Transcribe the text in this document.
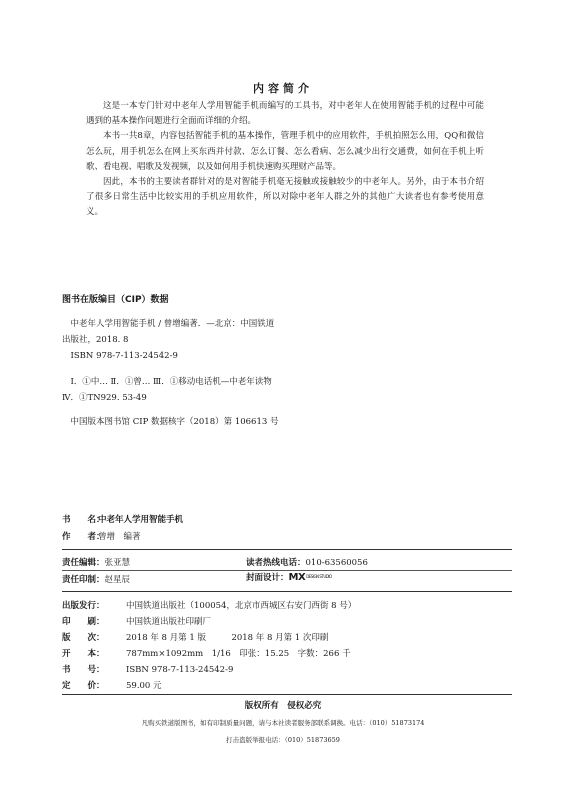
内容简介

这是一本专门针对中老年人学用智能手机而编写的工具书，对中老年人在使用智能手机的过程中可能遇到的基本操作问题进行全面而详细的介绍。

本书一共8章，内容包括智能手机的基本操作，管理手机中的应用软件，手机拍照怎么用，QQ和微信怎么玩，用手机怎么在网上买东西并付款、怎么订餐、怎么看病、怎么减少出行交通费，如何在手机上听歌、看电视、唱歌及发视频，以及如何用手机快速购买理财产品等。

因此，本书的主要读者群针对的是对智能手机毫无接触或接触较少的中老年人。另外，由于本书介绍了很多日常生活中比较实用的手机应用软件，所以对除中老年人群之外的其他广大读者也有参考使用意义。

图书在版编目（CIP）数据
中老年人学用智能手机 / 曾增编著．—北京：中国铁道
出版社，2018. 8
ISBN 978-7-113-24542-9
Ⅰ．①中… Ⅱ．①曾… Ⅲ．①移动电话机—中老年读物
Ⅳ．①TN929. 53-49
中国版本图书馆 CIP 数据核字（2018）第 106613 号
书　　名：中老年人学用智能手机
作　　者：曾增　编著
责任编辑：张亚慧	读者热线电话：010-63560056
责任印制：赵星辰	封面设计：MXDESIGN STUDIO
出版发行：	中国铁道出版社（100054，北京市西城区右安门西街 8 号）
印　　刷：	中国铁道出版社印刷厂
版　　次：	2018 年 8 月第 1 版　　　2018 年 8 月第 1 次印刷
开　　本：	787mm×1092mm　1/16　印张：15.25　字数：266 千
书　　号：	ISBN 978-7-113-24542-9
定　　价：	59.00 元
版权所有　侵权必究
凡购买铁道版图书，如有印制质量问题，请与本社读者服务部联系调换。电话：（010）51873174
打击盗版举报电话：（010）51873659
